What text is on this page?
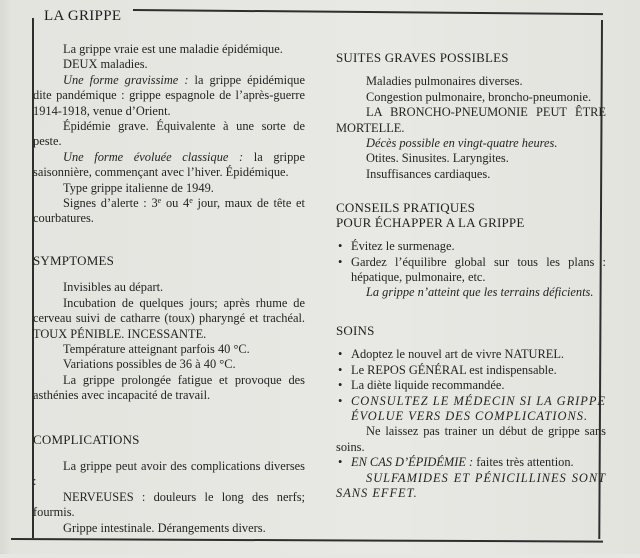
LA GRIPPE

La grippe vraie est une maladie épidémique.

DEUX maladies.

Une forme gravissime : la grippe épidémique dite pandémique : grippe espagnole de l’après-guerre 1914-1918, venue d’Orient.

Épidémie grave. Équivalente à une sorte de peste.

Une forme évoluée classique : la grippe saisonnière, commençant avec l’hiver. Épidémique.

Type grippe italienne de 1949.

Signes d’alerte : 3e ou 4e jour, maux de tête et courbatures.

SYMPTOMES

Invisibles au départ.

Incubation de quelques jours; après rhume de cerveau suivi de catharre (toux) pharyngé et trachéal. TOUX PÉNIBLE. INCESSANTE.

Température atteignant parfois 40 °C.

Variations possibles de 36 à 40 °C.

La grippe prolongée fatigue et provoque des asthénies avec incapacité de travail.

COMPLICATIONS

La grippe peut avoir des complications diverses :

NERVEUSES : douleurs le long des nerfs; fourmis.

Grippe intestinale. Dérangements divers.

SUITES GRAVES POSSIBLES

Maladies pulmonaires diverses.

Congestion pulmonaire, broncho-pneumonie.

LA BRONCHO-PNEUMONIE PEUT ÊTRE MORTELLE.

Décès possible en vingt-quatre heures.

Otites. Sinusites. Laryngites.

Insuffisances cardiaques.

CONSEILS PRATIQUES
POUR ÉCHAPPER A LA GRIPPE
• Évitez le surmenage.
• Gardez l’équilibre global sur tous les plans : hépatique, pulmonaire, etc.

La grippe n’atteint que les terrains déficients.

SOINS
• Adoptez le nouvel art de vivre NATUREL.
• Le REPOS GÉNÉRAL est indispensable.
• La diète liquide recommandée.
• CONSULTEZ LE MÉDECIN SI LA GRIPPE ÉVOLUE VERS DES COMPLICATIONS.

Ne laissez pas trainer un début de grippe sans soins.

• EN CAS D’ÉPIDÉMIE : faites très attention.

SULFAMIDES ET PÉNICILLINES SONT SANS EFFET.
